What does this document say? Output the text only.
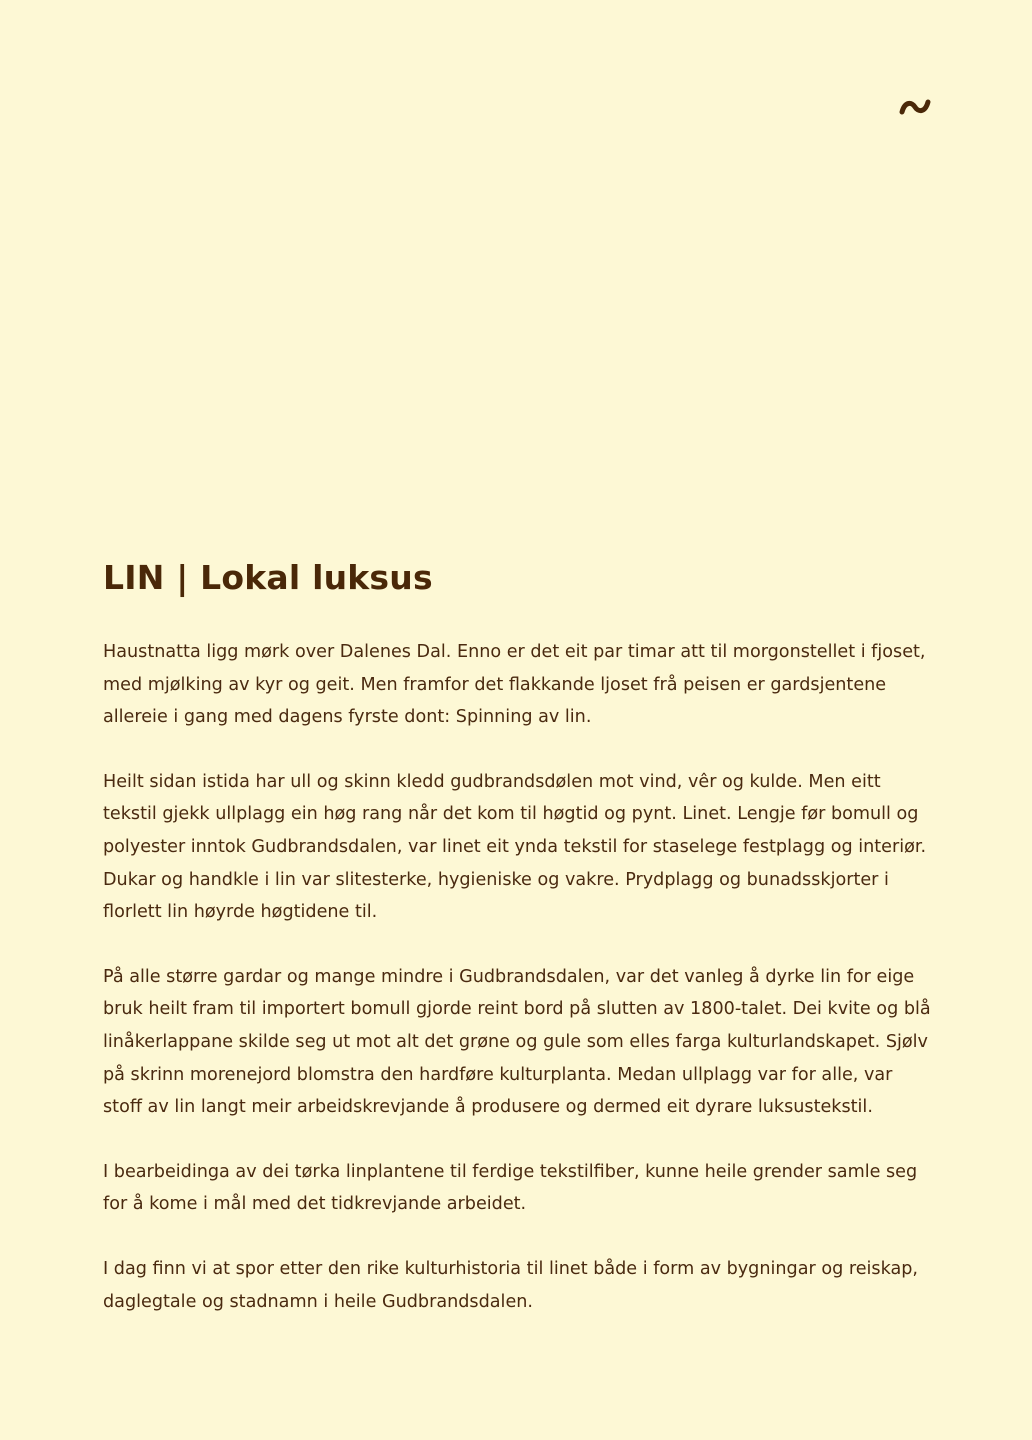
LIN | Lokal luksus

Haustnatta ligg mørk over Dalenes Dal. Enno er det eit par timar att til morgonstellet i fjoset, med mjølking av kyr og geit. Men framfor det flakkande ljoset frå peisen er gardsjentene allereie i gang med dagens fyrste dont: Spinning av lin.

Heilt sidan istida har ull og skinn kledd gudbrandsdølen mot vind, vêr og kulde. Men eitt tekstil gjekk ullplagg ein høg rang når det kom til høgtid og pynt. Linet. Lengje før bomull og polyester inntok Gudbrandsdalen, var linet eit ynda tekstil for staselege festplagg og interiør. Dukar og handkle i lin var slitesterke, hygieniske og vakre. Prydplagg og bunadsskjorter i florlett lin høyrde høgtidene til.

På alle større gardar og mange mindre i Gudbrandsdalen, var det vanleg å dyrke lin for eige bruk heilt fram til importert bomull gjorde reint bord på slutten av 1800-talet. Dei kvite og blå linåkerlappane skilde seg ut mot alt det grøne og gule som elles farga kulturlandskapet. Sjølv på skrinn morenejord blomstra den hardføre kulturplanta. Medan ullplagg var for alle, var stoff av lin langt meir arbeidskrevjande å produsere og dermed eit dyrare luksustekstil.

I bearbeidinga av dei tørka linplantene til ferdige tekstilfiber, kunne heile grender samle seg for å kome i mål med det tidkrevjande arbeidet.

I dag finn vi at spor etter den rike kulturhistoria til linet både i form av bygningar og reiskap, daglegtale og stadnamn i heile Gudbrandsdalen.
